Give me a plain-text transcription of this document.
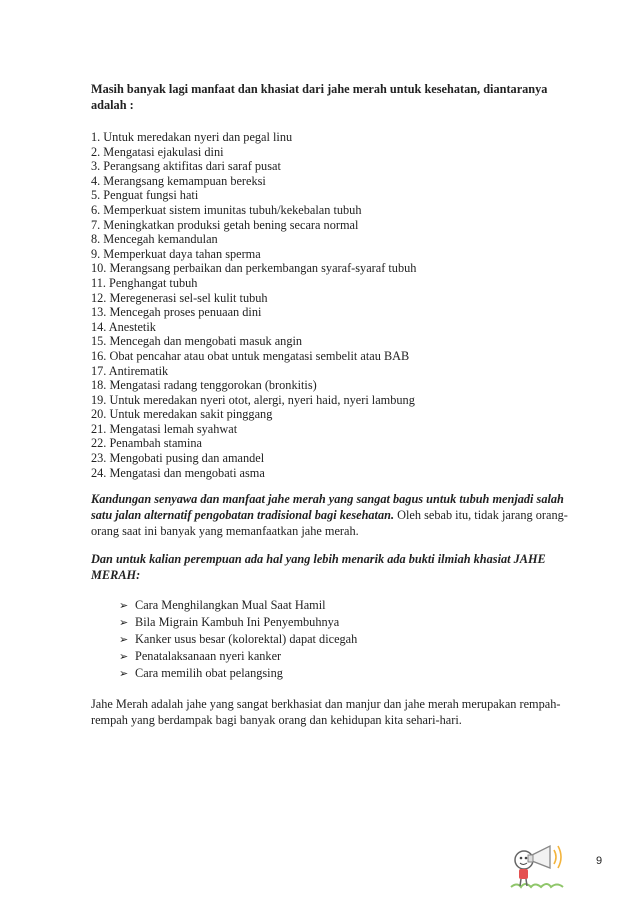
Masih banyak lagi manfaat dan khasiat dari jahe merah untuk kesehatan, diantaranya adalah :

1. Untuk meredakan nyeri dan pegal linu
2. Mengatasi ejakulasi dini
3. Perangsang aktifitas dari saraf pusat
4. Merangsang kemampuan bereksi
5. Penguat fungsi hati
6. Memperkuat sistem imunitas tubuh/kekebalan tubuh
7. Meningkatkan produksi getah bening secara normal
8. Mencegah kemandulan
9. Memperkuat daya tahan sperma
10. Merangsang perbaikan dan perkembangan syaraf-syaraf tubuh
11. Penghangat tubuh
12. Meregenerasi sel-sel kulit tubuh
13. Mencegah proses penuaan dini
14. Anestetik
15. Mencegah dan mengobati masuk angin
16. Obat pencahar atau obat untuk mengatasi sembelit atau BAB
17. Antirematik
18. Mengatasi radang tenggorokan (bronkitis)
19. Untuk meredakan nyeri otot, alergi, nyeri haid, nyeri lambung
20. Untuk meredakan sakit pinggang
21. Mengatasi lemah syahwat
22. Penambah stamina
23. Mengobati pusing dan amandel
24. Mengatasi dan mengobati asma

Kandungan senyawa dan manfaat jahe merah yang sangat bagus untuk tubuh menjadi salah satu jalan alternatif pengobatan tradisional bagi kesehatan. Oleh sebab itu, tidak jarang orang-orang saat ini banyak yang memanfaatkan jahe merah.

Dan untuk kalian perempuan ada hal yang lebih menarik ada bukti ilmiah khasiat JAHE MERAH:

➢ Cara Menghilangkan Mual Saat Hamil
➢ Bila Migrain Kambuh Ini Penyembuhnya
➢ Kanker usus besar (kolorektal) dapat dicegah
➢ Penatalaksanaan nyeri kanker
➢ Cara memilih obat pelangsing

Jahe Merah adalah jahe yang sangat berkhasiat dan manjur dan jahe merah merupakan rempah-rempah yang berdampak bagi banyak orang dan kehidupan kita sehari-hari.

9
